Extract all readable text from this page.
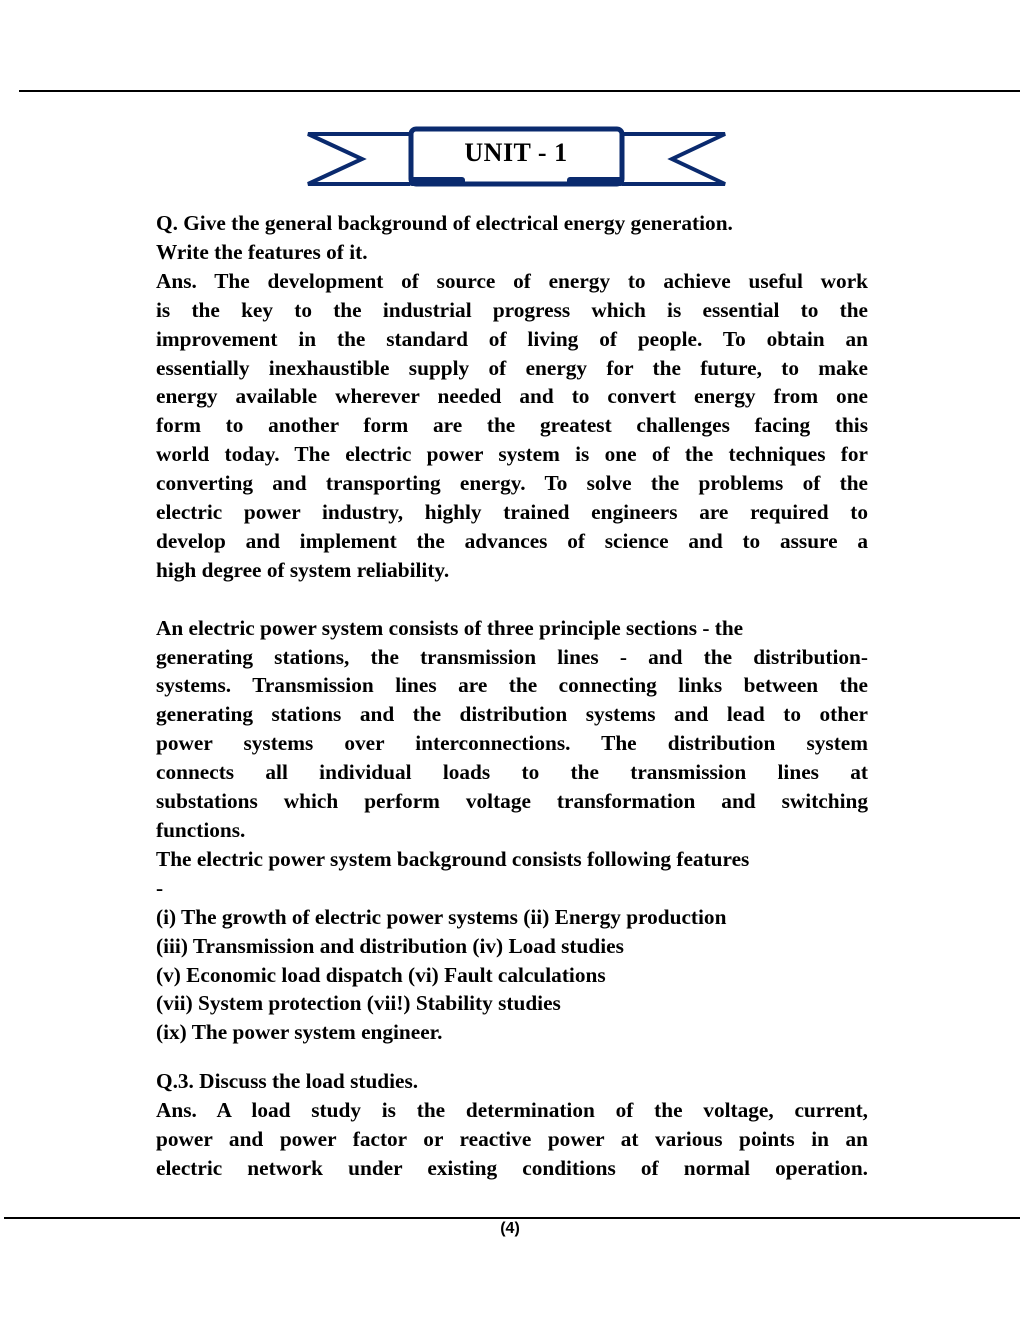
UNIT - 1
Q. Give the general background of electrical energy generation.
Write the features of it.
Ans. The development of source of energy to achieve useful work
is the key to the industrial progress which is essential to the
improvement in the standard of living of people. To obtain an
essentially inexhaustible supply of energy for the future, to make
energy available wherever needed and to convert energy from one
form to another form are the greatest challenges facing this
world today. The electric power system is one of the techniques for
converting and transporting energy. To solve the problems of the
electric power industry, highly trained engineers are required to
develop and implement the advances of science and to assure a
high degree of system reliability.
An electric power system consists of three principle sections - the
generating stations, the transmission lines - and the distribution-
systems. Transmission lines are the connecting links between the
generating stations and the distribution systems and lead to other
power systems over interconnections. The distribution system
connects all individual loads to the transmission lines at
substations which perform voltage transformation and switching
functions.
The electric power system background consists following features
-
(i) The growth of electric power systems (ii) Energy production
(iii) Transmission and distribution (iv) Load studies
(v) Economic load dispatch (vi) Fault calculations
(vii) System protection (vii!) Stability studies
(ix) The power system engineer.
Q.3. Discuss the load studies.
Ans. A load study is the determination of the voltage, current,
power and power factor or reactive power at various points in an
electric network under existing conditions of normal operation.
(4)
